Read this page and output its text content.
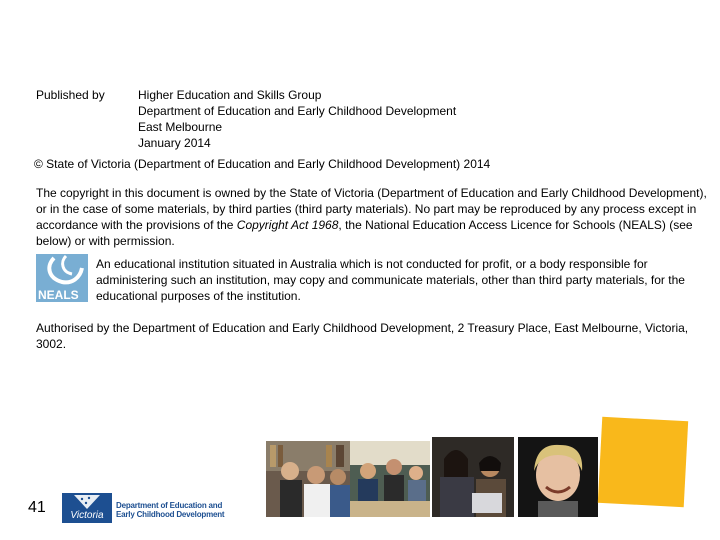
Published by	Higher Education and Skills Group
Department of Education and Early Childhood Development
East Melbourne
January 2014
© State of Victoria (Department of Education and Early Childhood Development) 2014
The copyright in this document is owned by the State of Victoria (Department of Education and Early Childhood Development), or in the case of some materials, by third parties (third party materials). No part may be reproduced by any process except in accordance with the provisions of the Copyright Act 1968, the National Education Access Licence for Schools (NEALS) (see below) or with permission.
NEALS
An educational institution situated in Australia which is not conducted for profit, or a body responsible for administering such an institution, may copy and communicate materials, other than third party materials, for the educational purposes of the institution.
Authorised by the Department of Education and Early Childhood Development, 2 Treasury Place, East Melbourne, Victoria, 3002.
41	Victoria
Department of Education and
Early Childhood Development
